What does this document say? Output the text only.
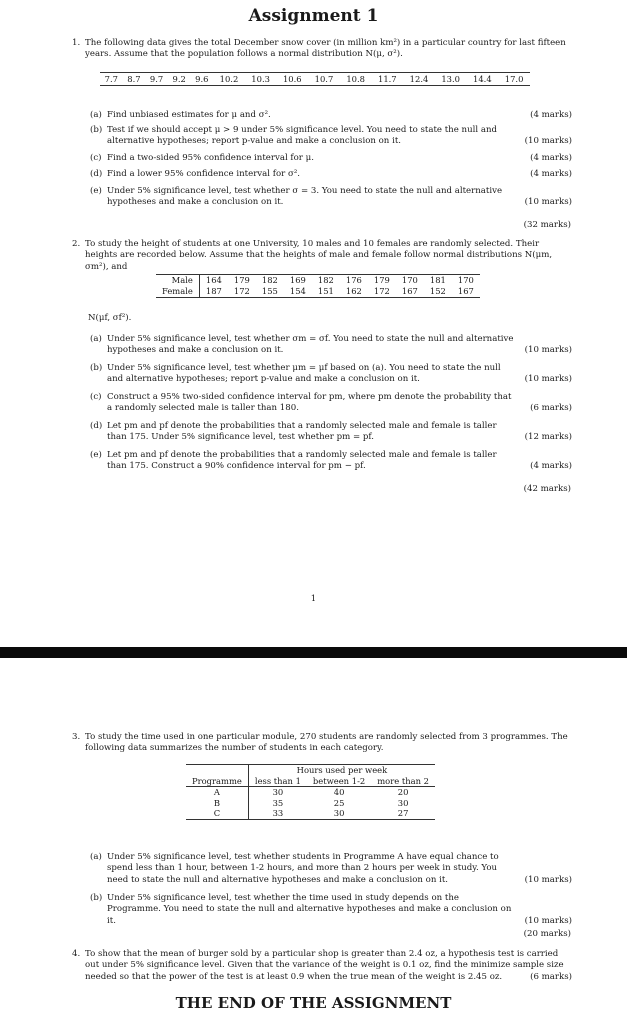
Assignment 1
1. The following data gives the total December snow cover (in million km²) in a particular country for last fifteen years. Assume that the population follows a normal distribution N(μ, σ²).
7.7	8.7	9.7	9.2	9.6	10.2	10.3	10.6	10.7	10.8	11.7	12.4	13.0	14.4	17.0
(a) Find unbiased estimates for μ and σ².	(4 marks)
(b) Test if we should accept μ > 9 under 5% significance level. You need to state the null and alternative hypotheses; report p-value and make a conclusion on it.	(10 marks)
(c) Find a two-sided 95% confidence interval for μ.	(4 marks)
(d) Find a lower 95% confidence interval for σ².	(4 marks)
(e) Under 5% significance level, test whether σ = 3. You need to state the null and alternative hypotheses and make a conclusion on it.	(10 marks)
(32 marks)
2. To study the height of students at one University, 10 males and 10 females are randomly selected. Their heights are recorded below. Assume that the heights of male and female follow normal distributions N(μm, σm²), and
Male	164	179	182	169	182	176	179	170	181	170
Female	187	172	155	154	151	162	172	167	152	167
N(μf, σf²).
(a) Under 5% significance level, test whether σm = σf. You need to state the null and alternative hypotheses and make a conclusion on it.	(10 marks)
(b) Under 5% significance level, test whether μm = μf based on (a). You need to state the null and alternative hypotheses; report p-value and make a conclusion on it.	(10 marks)
(c) Construct a 95% two-sided confidence interval for pm, where pm denote the probability that a randomly selected male is taller than 180.	(6 marks)
(d) Let pm and pf denote the probabilities that a randomly selected male and female is taller than 175. Under 5% significance level, test whether pm = pf.	(12 marks)
(e) Let pm and pf denote the probabilities that a randomly selected male and female is taller than 175. Construct a 90% confidence interval for pm − pf.	(4 marks)
(42 marks)
1
3. To study the time used in one particular module, 270 students are randomly selected from 3 programmes. The following data summarizes the number of students in each category.
	Hours used per week		
Programme	less than 1	between 1-2	more than 2
A	30	40	20
B	35	25	30
C	33	30	27
(a) Under 5% significance level, test whether students in Programme A have equal chance to spend less than 1 hour, between 1-2 hours, and more than 2 hours per week in study. You need to state the null and alternative hypotheses and make a conclusion on it.	(10 marks)
(b) Under 5% significance level, test whether the time used in study depends on the Programme. You need to state the null and alternative hypotheses and make a conclusion on it.	(10 marks)
(20 marks)
4. To show that the mean of burger sold by a particular shop is greater than 2.4 oz, a hypothesis test is carried out under 5% significance level. Given that the variance of the weight is 0.1 oz, find the minimize sample size needed so that the power of the test is at least 0.9 when the true mean of the weight is 2.45 oz.	(6 marks)
THE END OF THE ASSIGNMENT
